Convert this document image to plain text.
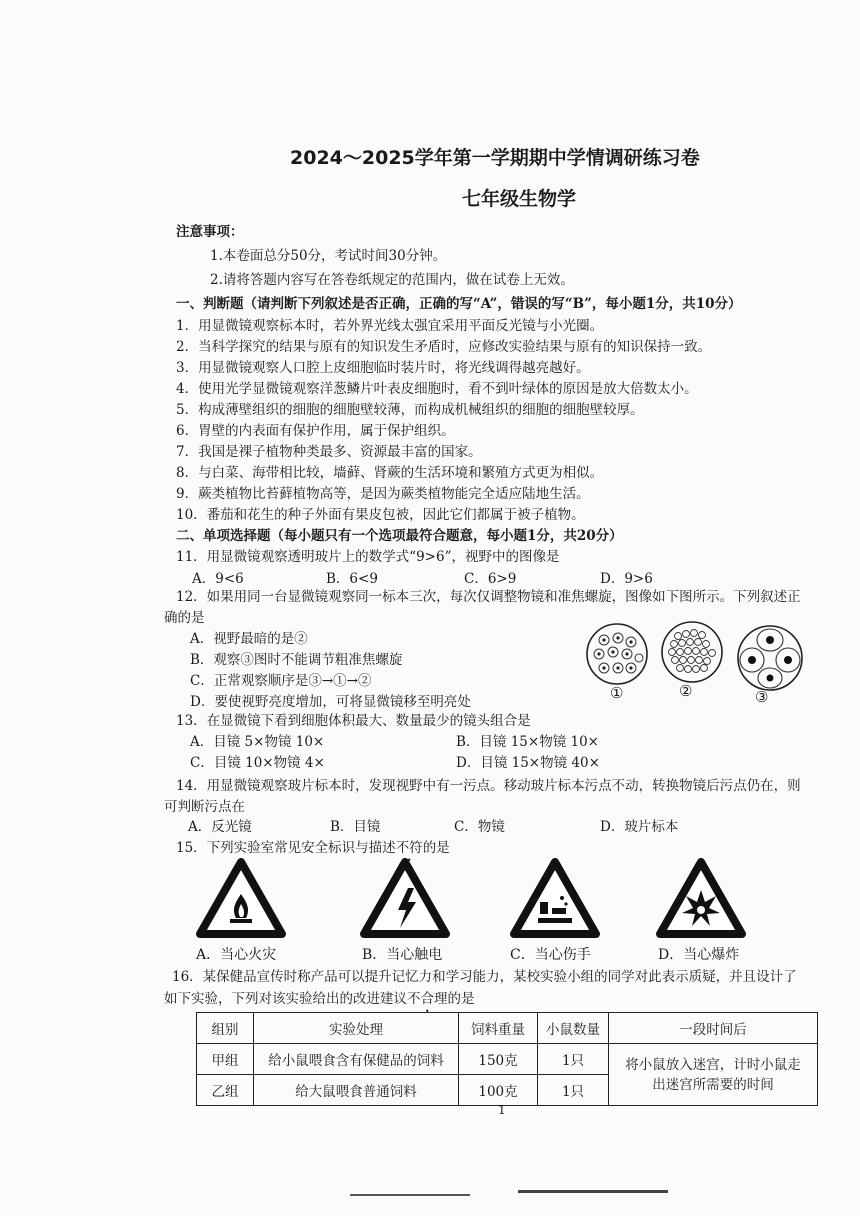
2024～2025学年第一学期期中学情调研练习卷
七年级生物学
注意事项：
1.本卷面总分50分，考试时间30分钟。
2.请将答题内容写在答卷纸规定的范围内，做在试卷上无效。
一、判断题（请判断下列叙述是否正确，正确的写“A”，错误的写“B”，每小题1分，共10分）
1．用显微镜观察标本时，若外界光线太强宜采用平面反光镜与小光圈。
2．当科学探究的结果与原有的知识发生矛盾时，应修改实验结果与原有的知识保持一致。
3．用显微镜观察人口腔上皮细胞临时装片时，将光线调得越亮越好。
4．使用光学显微镜观察洋葱鳞片叶表皮细胞时，看不到叶绿体的原因是放大倍数太小。
5．构成薄壁组织的细胞的细胞壁较薄，而构成机械组织的细胞的细胞壁较厚。
6．胃壁的内表面有保护作用，属于保护组织。
7．我国是裸子植物种类最多、资源最丰富的国家。
8．与白菜、海带相比较，墙藓、肾蕨的生活环境和繁殖方式更为相似。
9．蕨类植物比苔藓植物高等，是因为蕨类植物能完全适应陆地生活。
10．番茄和花生的种子外面有果皮包被，因此它们都属于被子植物。
二、单项选择题（每小题只有一个选项最符合题意，每小题1分，共20分）
11．用显微镜观察透明玻片上的数学式“9>6”，视野中的图像是
A．9<6	B．6<9	C．6>9	D．9>6
12．如果用同一台显微镜观察同一标本三次，每次仅调整物镜和准焦螺旋，图像如下图所示。下列叙述正
确的是
A．视野最暗的是②
B．观察③图时不能调节粗准焦螺旋
C．正常观察顺序是③→①→②
D．要使视野亮度增加，可将显微镜移至明亮处	①	②	③
13．在显微镜下看到细胞体积最大、数量最少的镜头组合是
A．目镜 5×物镜 10×	B．目镜 15×物镜 10×
C．目镜 10×物镜 4×	D．目镜 15×物镜 40×
14．用显微镜观察玻片标本时，发现视野中有一污点。移动玻片标本污点不动，转换物镜后污点仍在，则
可判断污点在
A．反光镜	B．目镜	C．物镜	D．玻片标本
15．下列实验室常见安全标识与描述不符的是
A．当心火灾	B．当心触电	C．当心伤手	D．当心爆炸
16．某保健品宣传时称产品可以提升记忆力和学习能力，某校实验小组的同学对此表示质疑，并且设计了
如下实验，下列对该实验给出的改进建议不合理的是
组别	实验处理	饲料重量	小鼠数量	一段时间后
甲组	给小鼠喂食含有保健品的饲料	150克	1只	将小鼠放入迷宫，计时小鼠走出迷宫所需要的时间
乙组	给大鼠喂食普通饲料	100克	1只	
1
